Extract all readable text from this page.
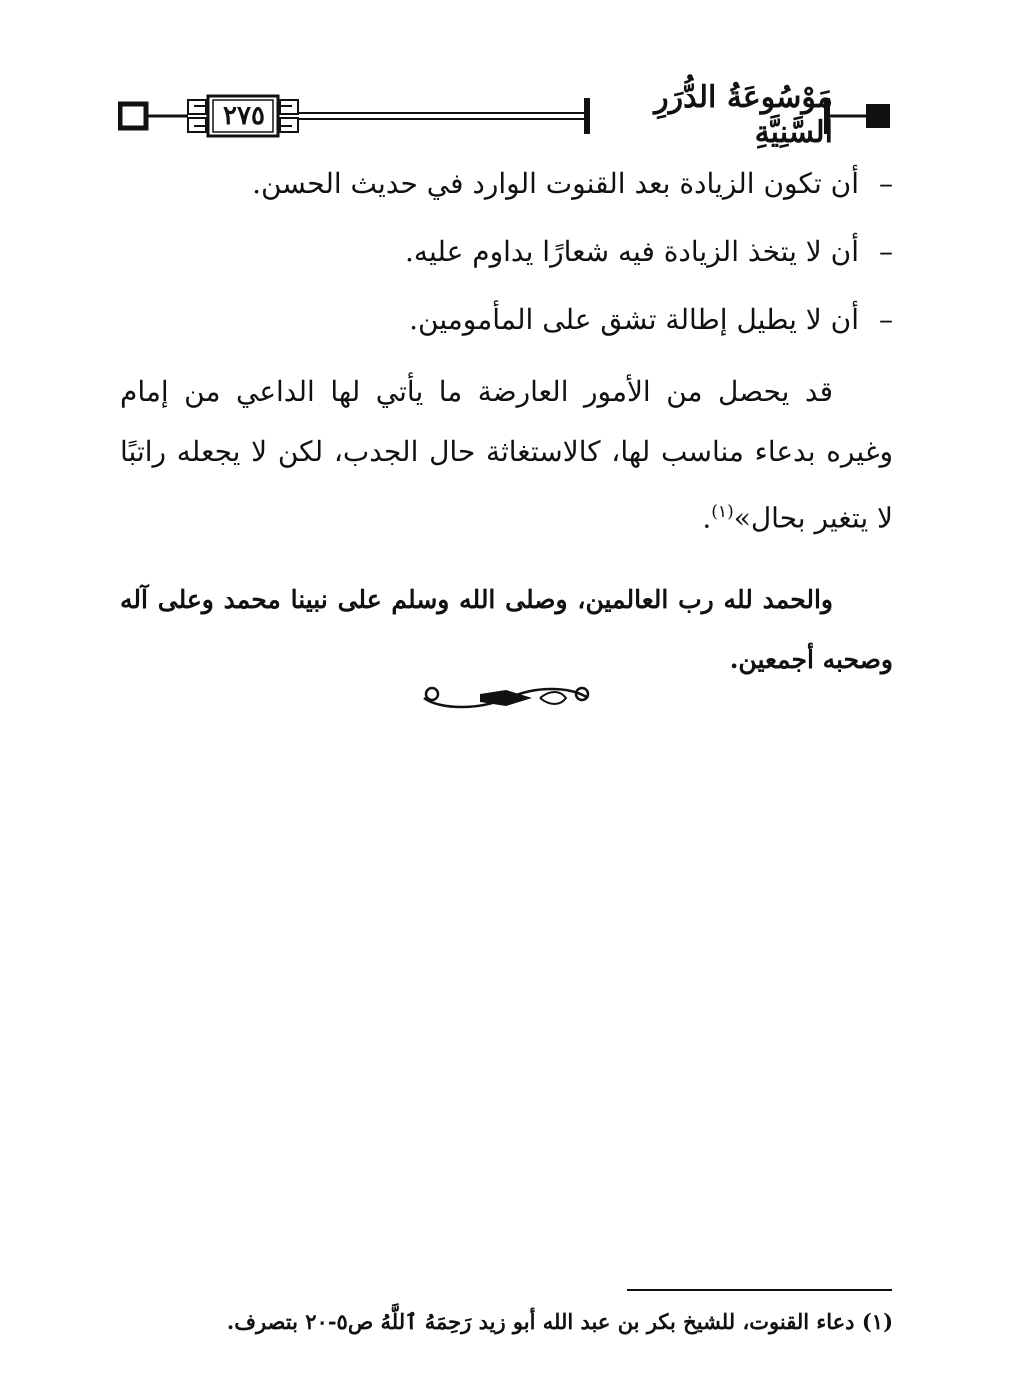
٢٧٥
مَوْسُوعَةُ الدُّرَرِ السَّنِيَّةِ

–
أن تكون الزيادة بعد القنوت الوارد في حديث الحسن.

–
أن لا يتخذ الزيادة فيه شعارًا يداوم عليه.

–
أن لا يطيل إطالة تشق على المأمومين.

قد يحصل من الأمور العارضة ما يأتي لها الداعي من إمام وغيره بدعاء مناسب لها، كالاستغاثة حال الجدب، لكن لا يجعله راتبًا لا يتغير بحال»$^{(١)}$.

والحمد لله رب العالمين، وصلى الله وسلم على نبينا محمد وعلى آله وصحبه أجمعين.

(١) دعاء القنوت، للشيخ بكر بن عبد الله أبو زيد رَحِمَهُ ٱللَّهُ ص٥-٢٠ بتصرف.
